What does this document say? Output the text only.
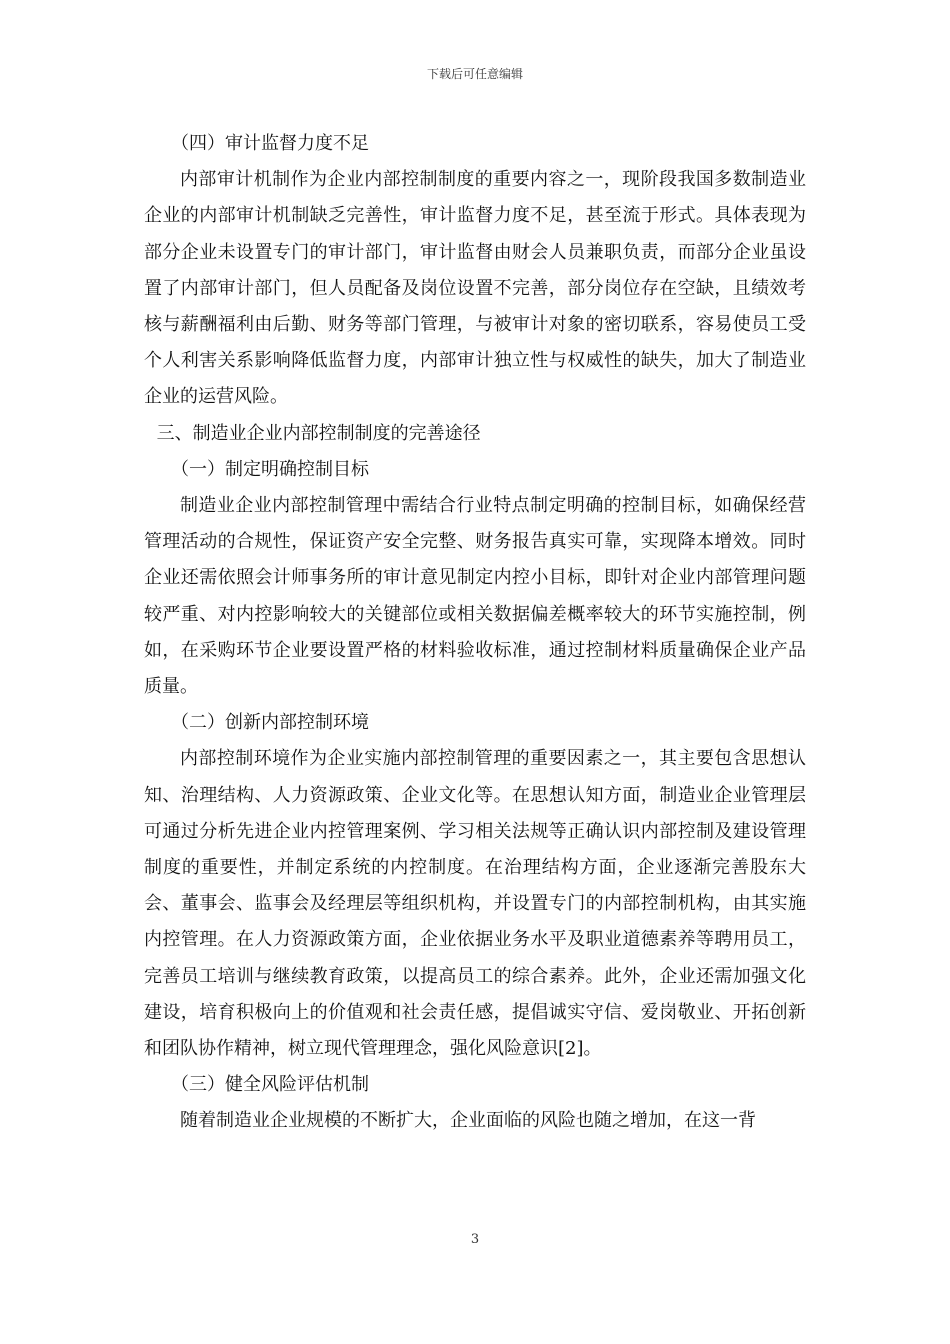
下载后可任意编辑

（四）审计监督力度不足

内部审计机制作为企业内部控制制度的重要内容之一，现阶段我国多数制造业企业的内部审计机制缺乏完善性，审计监督力度不足，甚至流于形式。具体表现为部分企业未设置专门的审计部门，审计监督由财会人员兼职负责，而部分企业虽设置了内部审计部门，但人员配备及岗位设置不完善，部分岗位存在空缺，且绩效考核与薪酬福利由后勤、财务等部门管理，与被审计对象的密切联系，容易使员工受个人利害关系影响降低监督力度，内部审计独立性与权威性的缺失，加大了制造业企业的运营风险。

三、制造业企业内部控制制度的完善途径

（一）制定明确控制目标

制造业企业内部控制管理中需结合行业特点制定明确的控制目标，如确保经营管理活动的合规性，保证资产安全完整、财务报告真实可靠，实现降本增效。同时企业还需依照会计师事务所的审计意见制定内控小目标，即针对企业内部管理问题较严重、对内控影响较大的关键部位或相关数据偏差概率较大的环节实施控制，例如，在采购环节企业要设置严格的材料验收标准，通过控制材料质量确保企业产品质量。

（二）创新内部控制环境

内部控制环境作为企业实施内部控制管理的重要因素之一，其主要包含思想认知、治理结构、人力资源政策、企业文化等。在思想认知方面，制造业企业管理层可通过分析先进企业内控管理案例、学习相关法规等正确认识内部控制及建设管理制度的重要性，并制定系统的内控制度。在治理结构方面，企业逐渐完善股东大会、董事会、监事会及经理层等组织机构，并设置专门的内部控制机构，由其实施内控管理。在人力资源政策方面，企业依据业务水平及职业道德素养等聘用员工，完善员工培训与继续教育政策，以提高员工的综合素养。此外，企业还需加强文化建设，培育积极向上的价值观和社会责任感，提倡诚实守信、爱岗敬业、开拓创新和团队协作精神，树立现代管理理念，强化风险意识[2]。

（三）健全风险评估机制

随着制造业企业规模的不断扩大，企业面临的风险也随之增加，在这一背

3
